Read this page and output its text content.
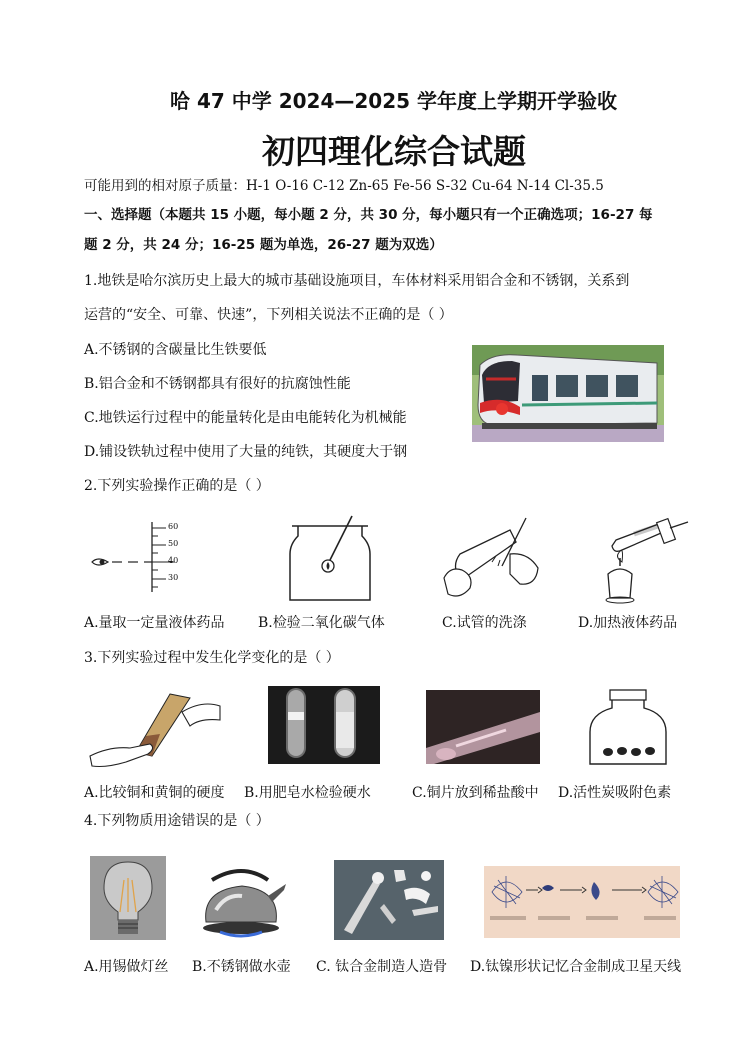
哈 47 中学 2024—2025 学年度上学期开学验收
初四理化综合试题
可能用到的相对原子质量：H-1 O-16 C-12 Zn-65 Fe-56 S-32 Cu-64 N-14 Cl-35.5
一、选择题（本题共 15 小题，每小题 2 分，共 30 分，每小题只有一个正确选项；16-27 每
题 2 分，共 24 分；16-25 题为单选，26-27 题为双选）
1.地铁是哈尔滨历史上最大的城市基础设施项目，车体材料采用铝合金和不锈钢，关系到
运营的“安全、可靠、快速”，下列相关说法不正确的是（ ）
A.不锈钢的含碳量比生铁要低
B.铝合金和不锈钢都具有很好的抗腐蚀性能
C.地铁运行过程中的能量转化是由电能转化为机械能
D.铺设铁轨过程中使用了大量的纯铁，其硬度大于钢
2.下列实验操作正确的是（ ）
60
50
40
30
A.量取一定量液体药品 B.检验二氧化碳气体	C.试管的洗涤	D.加热液体药品
3.下列实验过程中发生化学变化的是（ ）
A.比较铜和黄铜的硬度 B.用肥皂水检验硬水	C.铜片放到稀盐酸中 D.活性炭吸附色素
4.下列物质用途错误的是（ ）
A.用锡做灯丝 B.不锈钢做水壶 C. 钛合金制造人造骨 D.钛镍形状记忆合金制成卫星天线
